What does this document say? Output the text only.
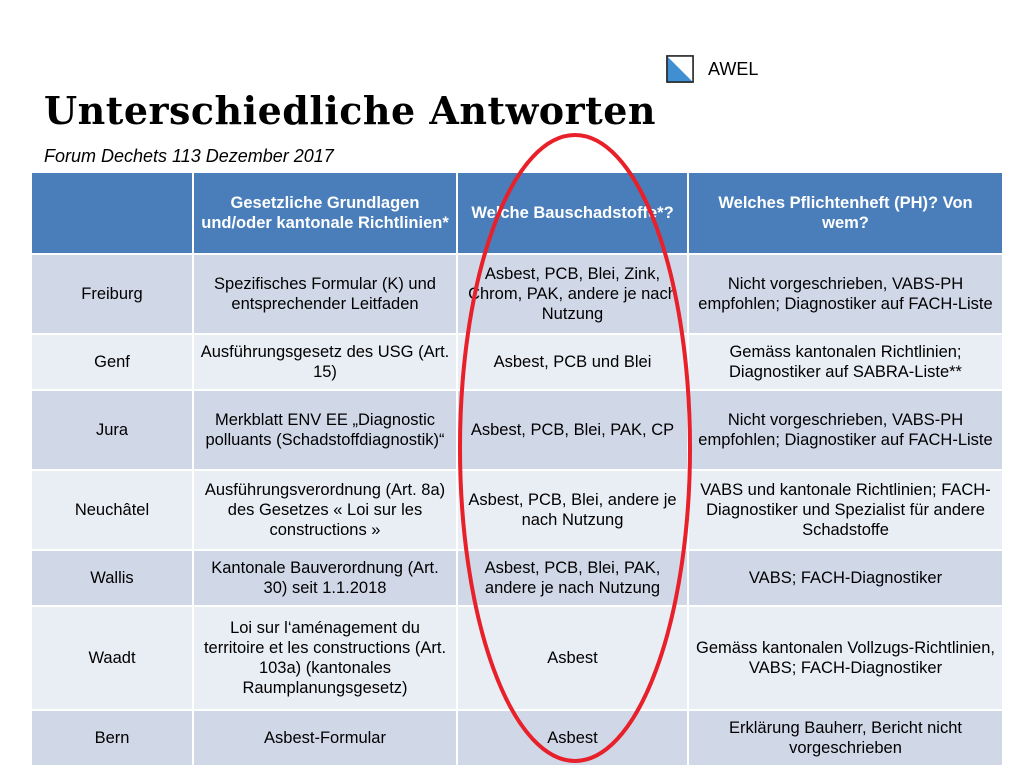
AWEL
Unterschiedliche Antworten
Forum Dechets 113 Dezember 2017
	Gesetzliche Grundlagen und/oder kantonale Richtlinien*	Welche Bauschadstoffe*?	Welches Pflichtenheft (PH)? Von wem?
Freiburg	Spezifisches Formular (K) und entsprechender Leitfaden	Asbest, PCB, Blei, Zink, Chrom, PAK, andere je nach Nutzung	Nicht vorgeschrieben, VABS-PH empfohlen; Diagnostiker auf FACH-Liste
Genf	Ausführungsgesetz des USG (Art. 15)	Asbest, PCB und Blei	Gemäss kantonalen Richtlinien; Diagnostiker auf SABRA-Liste**
Jura	Merkblatt ENV EE „Diagnostic polluants (Schadstoffdiagnostik)“	Asbest, PCB, Blei, PAK, CP	Nicht vorgeschrieben, VABS-PH empfohlen; Diagnostiker auf FACH-Liste
Neuchâtel	Ausführungsverordnung (Art. 8a) des Gesetzes « Loi sur les constructions »	Asbest, PCB, Blei, andere je nach Nutzung	VABS und kantonale Richtlinien; FACH-Diagnostiker und Spezialist für andere Schadstoffe
Wallis	Kantonale Bauverordnung (Art. 30) seit 1.1.2018	Asbest, PCB, Blei, PAK, andere je nach Nutzung	VABS; FACH-Diagnostiker
Waadt	Loi sur l‘aménagement du territoire et les constructions (Art. 103a) (kantonales Raumplanungsgesetz)	Asbest	Gemäss kantonalen Vollzugs-Richtlinien, VABS; FACH-Diagnostiker
Bern	Asbest-Formular	Asbest	Erklärung Bauherr, Bericht nicht vorgeschrieben
